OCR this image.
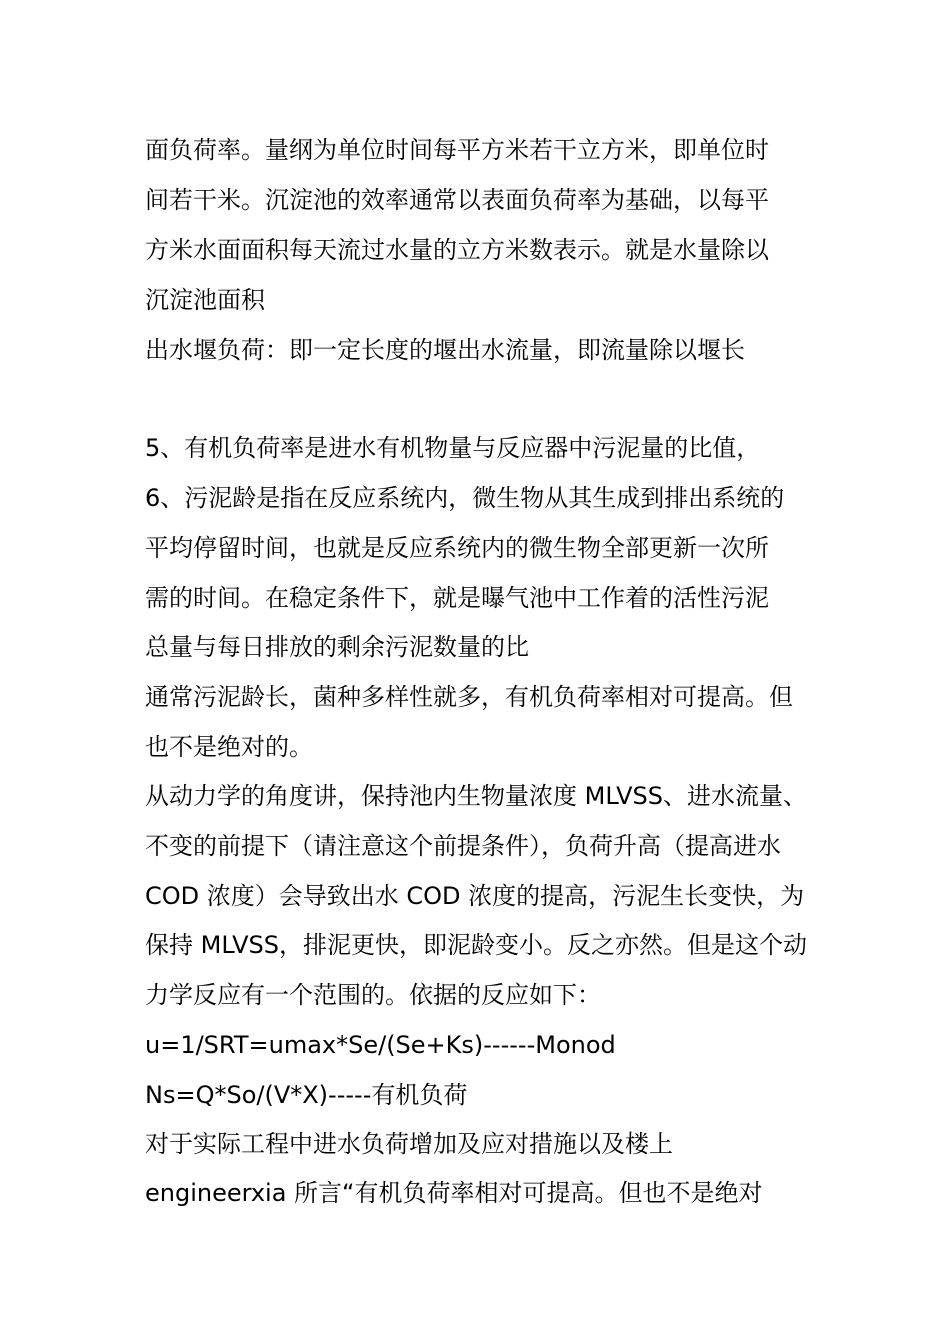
面负荷率。量纲为单位时间每平方米若干立方米，即单位时
间若干米。沉淀池的效率通常以表面负荷率为基础，以每平
方米水面面积每天流过水量的立方米数表示。就是水量除以
沉淀池面积
出水堰负荷：即一定长度的堰出水流量，即流量除以堰长
5、有机负荷率是进水有机物量与反应器中污泥量的比值，
6、污泥龄是指在反应系统内，微生物从其生成到排出系统的
平均停留时间，也就是反应系统内的微生物全部更新一次所
需的时间。在稳定条件下，就是曝气池中工作着的活性污泥
总量与每日排放的剩余污泥数量的比
通常污泥龄长，菌种多样性就多，有机负荷率相对可提高。但
也不是绝对的。
从动力学的角度讲，保持池内生物量浓度 MLVSS、进水流量、
不变的前提下（请注意这个前提条件），负荷升高（提高进水
COD 浓度）会导致出水 COD 浓度的提高，污泥生长变快，为
保持 MLVSS，排泥更快，即泥龄变小。反之亦然。但是这个动
力学反应有一个范围的。依据的反应如下：
u=1/SRT=umax*Se/(Se+Ks)------Monod
Ns=Q*So/(V*X)-----有机负荷
对于实际工程中进水负荷增加及应对措施以及楼上
engineerxia 所言“有机负荷率相对可提高。但也不是绝对
